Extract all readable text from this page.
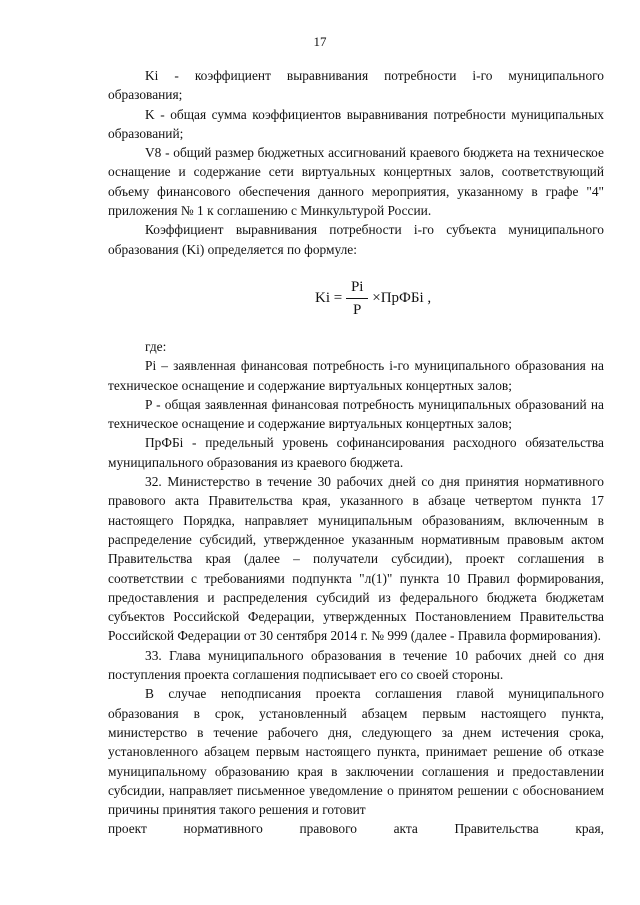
17

Ki - коэффициент выравнивания потребности i-го муниципального образования;

K - общая сумма коэффициентов выравнивания потребности муниципальных образований;

V8 - общий размер бюджетных ассигнований краевого бюджета на техническое оснащение и содержание сети виртуальных концертных залов, соответствующий объему финансового обеспечения данного мероприятия, указанному в графе "4" приложения № 1 к соглашению с Минкультурой России.

Коэффициент выравнивания потребности i-го субъекта муниципального образования (Ki) определяется по формуле:

$Ki = \frac{Pi}{P}$ × ПрФБi ,

где:

Pi – заявленная финансовая потребность i-го муниципального образования на техническое оснащение и содержание виртуальных концертных залов;

P - общая заявленная финансовая потребность муниципальных образований на техническое оснащение и содержание виртуальных концертных залов;

ПрФБi - предельный уровень софинансирования расходного обязательства муниципального образования из краевого бюджета.

32. Министерство в течение 30 рабочих дней со дня принятия нормативного правового акта Правительства края, указанного в абзаце четвертом пункта 17 настоящего Порядка, направляет муниципальным образованиям, включенным в распределение субсидий, утвержденное указанным нормативным правовым актом Правительства края (далее – получатели субсидии), проект соглашения в соответствии с требованиями подпункта "л(1)" пункта 10 Правил формирования, предоставления и распределения субсидий из федерального бюджета бюджетам субъектов Российской Федерации, утвержденных Постановлением Правительства Российской Федерации от 30 сентября 2014 г. № 999 (далее - Правила формирования).

33. Глава муниципального образования в течение 10 рабочих дней со дня поступления проекта соглашения подписывает его со своей стороны.

В случае неподписания проекта соглашения главой муниципального образования в срок, установленный абзацем первым настоящего пункта, министерство в течение рабочего дня, следующего за днем истечения срока, установленного абзацем первым настоящего пункта, принимает решение об отказе муниципальному образованию края в заключении соглашения и предоставлении субсидии, направляет письменное уведомление о принятом решении с обоснованием причины принятия такого решения и готовит

проект нормативного правового акта Правительства края,
